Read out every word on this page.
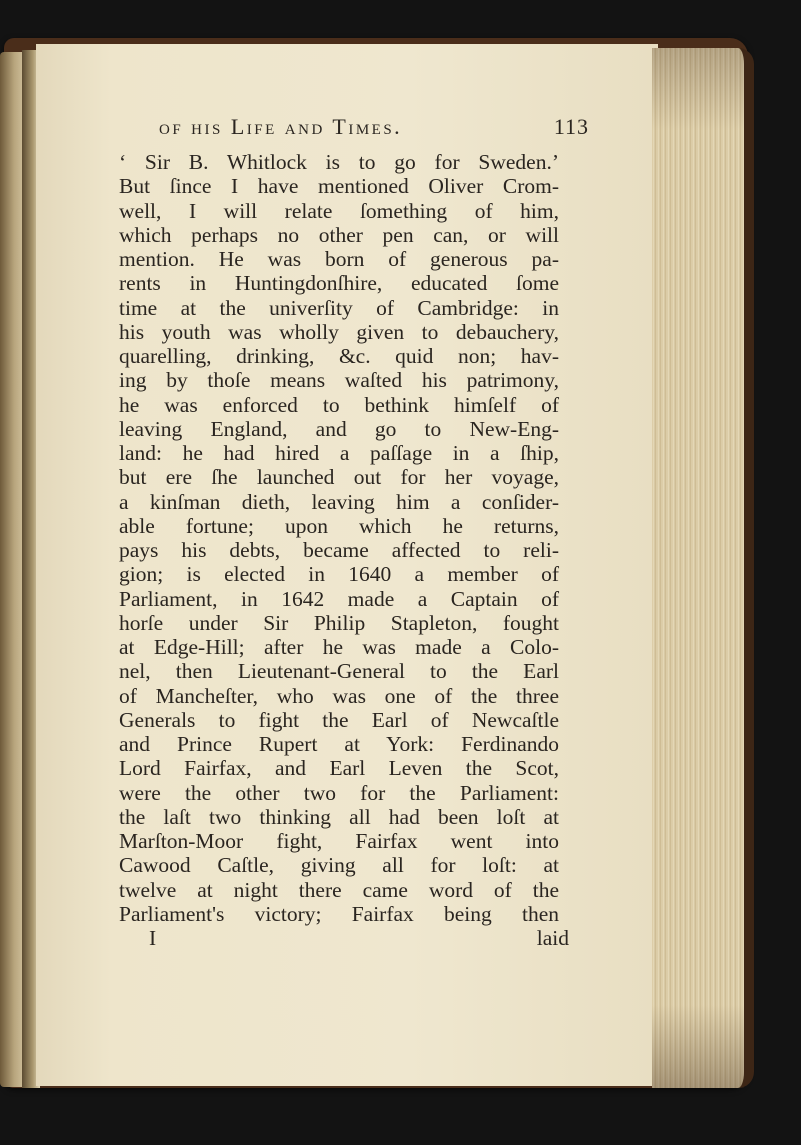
of his Life and Times.	113
‘ Sir B. Whitlock is to go for Sweden.’
But ſince I have mentioned Oliver Crom-
well, I will relate ſomething of him,
which perhaps no other pen can, or will
mention. He was born of generous pa-
rents in Huntingdonſhire, educated ſome
time at the univerſity of Cambridge: in
his youth was wholly given to debauchery,
quarelling, drinking, &c. quid non; hav-
ing by thoſe means waſted his patrimony,
he was enforced to bethink himſelf of
leaving England, and go to New-Eng-
land: he had hired a paſſage in a ſhip,
but ere ſhe launched out for her voyage,
a kinſman dieth, leaving him a conſider-
able fortune; upon which he returns,
pays his debts, became affected to reli-
gion; is elected in 1640 a member of
Parliament, in 1642 made a Captain of
horſe under Sir Philip Stapleton, fought
at Edge-Hill; after he was made a Colo-
nel, then Lieutenant-General to the Earl
of Mancheſter, who was one of the three
Generals to fight the Earl of Newcaſtle
and Prince Rupert at York: Ferdinando
Lord Fairfax, and Earl Leven the Scot,
were the other two for the Parliament:
the laſt two thinking all had been loſt at
Marſton-Moor fight, Fairfax went into
Cawood Caſtle, giving all for loſt: at
twelve at night there came word of the
Parliament's victory; Fairfax being then
I	laid
